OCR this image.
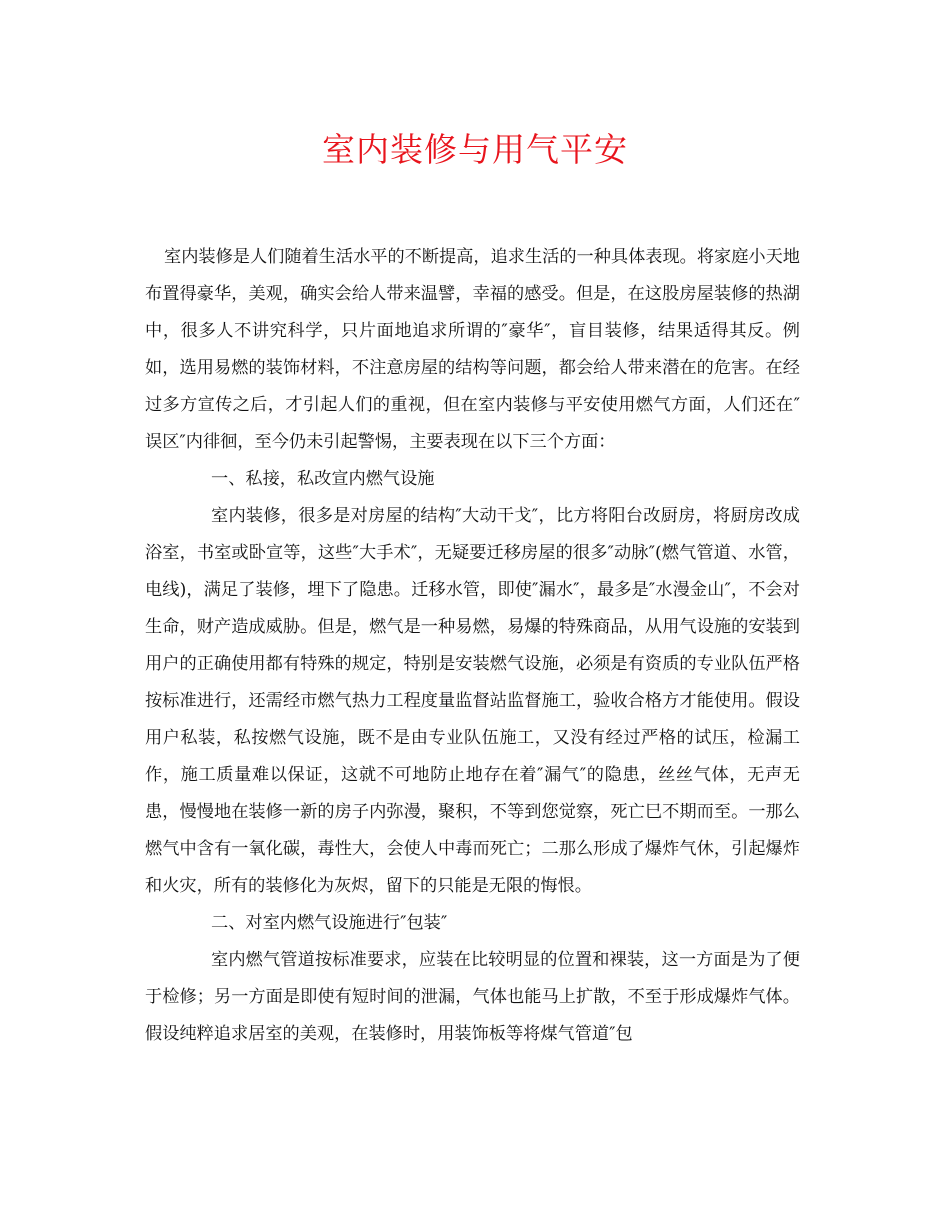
室内装修与用气平安

室内装修是人们随着生活水平的不断提高，追求生活的一种具体表现。将家庭小天地布置得豪华，美观，确实会给人带来温譬，幸福的感受。但是，在这股房屋装修的热湖中，很多人不讲究科学，只片面地追求所谓的″豪华″，盲目装修，结果适得其反。例如，选用易燃的装饰材料，不注意房屋的结构等问题，都会给人带来潜在的危害。在经过多方宣传之后，才引起人们的重视，但在室内装修与平安使用燃气方面，人们还在″误区″内徘徊，至今仍未引起警惕，主要表现在以下三个方面：

一、私接，私改宣内燃气设施

室内装修，很多是对房屋的结构″大动干戈″，比方将阳台改厨房，将厨房改成浴室，书室或卧宣等，这些″大手术″，无疑要迁移房屋的很多″动脉″(燃气管道、水管，电线)，满足了装修，埋下了隐患。迁移水管，即使″漏水″，最多是″水漫金山″，不会对生命，财产造成威胁。但是，燃气是一种易燃，易爆的特殊商品，从用气设施的安装到用户的正确使用都有特殊的规定，特别是安装燃气设施，必须是有资质的专业队伍严格按标准进行，还需经市燃气热力工程度量监督站监督施工，验收合格方才能使用。假设用户私装，私按燃气设施，既不是由专业队伍施工，又没有经过严格的试压，检漏工作，施工质量难以保证，这就不可地防止地存在着″漏气″的隐患，丝丝气体，无声无患，慢慢地在装修一新的房子内弥漫，聚积，不等到您觉察，死亡巳不期而至。一那么燃气中含有一氧化碳，毒性大，会使人中毒而死亡；二那么形成了爆炸气休，引起爆炸和火灾，所有的装修化为灰烬，留下的只能是无限的悔恨。

二、对室内燃气设施进行″包装″

室内燃气管道按标准要求，应装在比较明显的位置和裸装，这一方面是为了便于检修；另一方面是即使有短时间的泄漏，气体也能马上扩散，不至于形成爆炸气体。假设纯粹追求居室的美观，在装修时，用装饰板等将煤气管道″包
